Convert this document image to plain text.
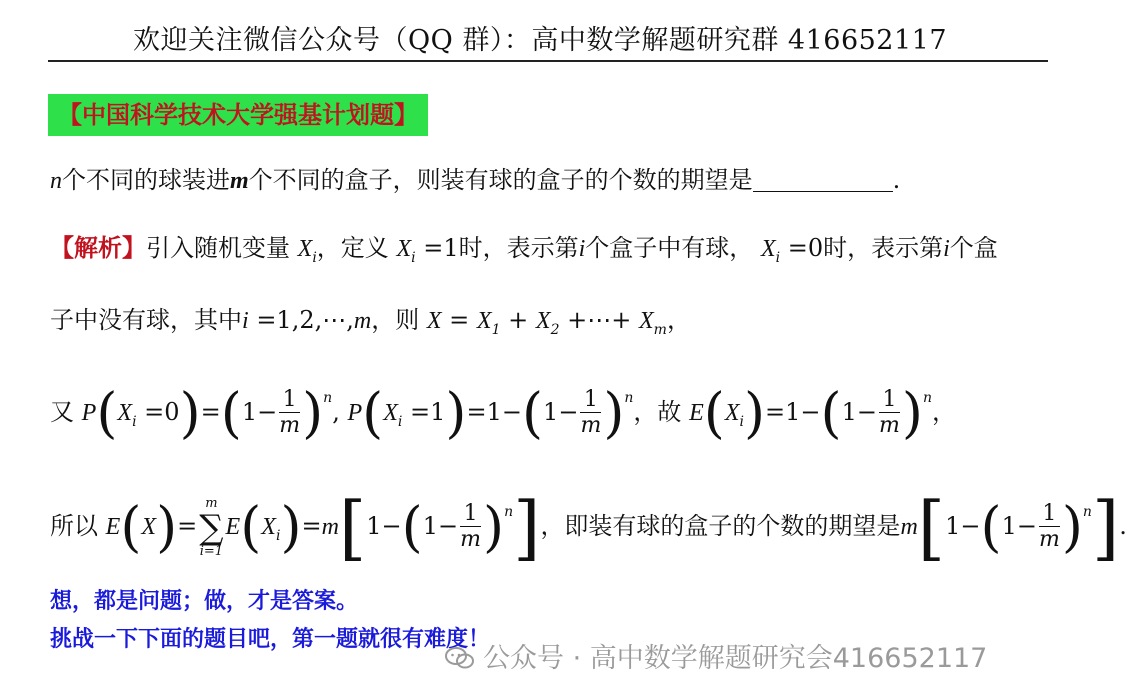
欢迎关注微信公众号（QQ 群）：高中数学解题研究群 416652117
【中国科学技术大学强基计划题】
n个不同的球装进m个不同的盒子，则装有球的盒子的个数的期望是	.
【解析】引入随机变量 $X_i$，定义 $X_i =1$时，表示第i个盒子中有球， $X_i =0$时，表示第i个盒
子中没有球，其中i =1,2,⋯,m，则 $X = X_1 + X_2$ +⋯+ $X_m$，
又 $P(X_i =0)=(1- \frac{1}{m} )^n$, $P(X_i =1)=1-(1- \frac{1}{m} )^n$，故 $E(X_i)=1-(1- \frac{1}{m} )^n$，
所以 E(X)=
m
∑
i=1
$E(X_i)=m[1-(1- \frac{1}{m} )^n]$，即装有球的盒子的个数的期望是$m[1-(1- \frac{1}{m} )^n]$.
想，都是问题；做，才是答案。
挑战一下下面的题目吧，第一题就很有难度！
公众号 · 高中数学解题研究会416652117
